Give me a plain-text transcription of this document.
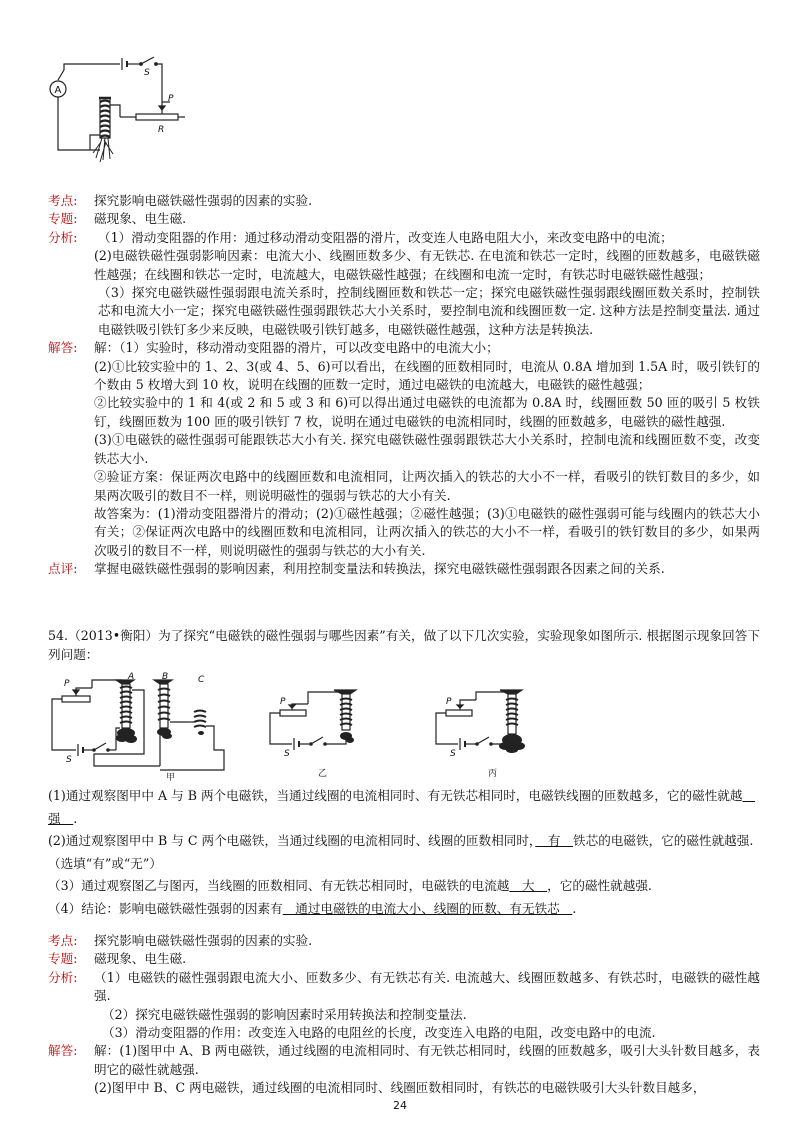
A
S
P
R
考点:	探究影响电磁铁磁性强弱的因素的实验.

专题:	磁现象、电生磁.

分析:	（1）滑动变阻器的作用：通过移动滑动变阻器的滑片，改变连人电路电阻大小，来改变电路中的电流；

(2)电磁铁磁性强弱影响因素：电流大小、线圈匝数多少、有无铁芯. 在电流和铁芯一定时，线圈的匝数越多，电磁铁磁性越强；在线圈和铁芯一定时，电流越大，电磁铁磁性越强；在线圈和电流一定时，有铁芯时电磁铁磁性越强；

（3）探究电磁铁磁性强弱跟电流关系时，控制线圈匝数和铁芯一定；探究电磁铁磁性强弱跟线圈匝数关系时，控制铁芯和电流大小一定；探究电磁铁磁性强弱跟铁芯大小关系时，要控制电流和线圈匝数一定. 这种方法是控制变量法. 通过电磁铁吸引铁钉多少来反映，电磁铁吸引铁钉越多，电磁铁磁性越强，这种方法是转换法.

解答:	解：（1）实验时，移动滑动变阻器的滑片，可以改变电路中的电流大小；

(2)①比较实验中的 1、2、3(或 4、5、6)可以看出，在线圈的匝数相同时，电流从 0.8A 增加到 1.5A 时，吸引铁钉的个数由 5 枚增大到 10 枚，说明在线圈的匝数一定时，通过电磁铁的电流越大，电磁铁的磁性越强；

②比较实验中的 1 和 4(或 2 和 5 或 3 和 6)可以得出通过电磁铁的电流都为 0.8A 时，线圈匝数 50 匝的吸引 5 枚铁钉，线圈匝数为 100 匝的吸引铁钉 7 枚，说明在通过电磁铁的电流相同时，线圈的匝数越多，电磁铁的磁性越强.

(3)①电磁铁的磁性强弱可能跟铁芯大小有关. 探究电磁铁磁性强弱跟铁芯大小关系时，控制电流和线圈匝数不变，改变铁芯大小.

②验证方案：保证两次电路中的线圈匝数和电流相同，让两次插入的铁芯的大小不一样，看吸引的铁钉数目的多少，如果两次吸引的数目不一样，则说明磁性的强弱与铁芯的大小有关.

故答案为：(1)滑动变阻器滑片的滑动；(2)①磁性越强；②磁性越强；(3)①电磁铁的磁性强弱可能与线圈内的铁芯大小有关；②保证两次电路中的线圈匝数和电流相同，让两次插入的铁芯的大小不一样，看吸引的铁钉数目的多少，如果两次吸引的数目不一样，则说明磁性的强弱与铁芯的大小有关.

点评:	掌握电磁铁磁性强弱的影响因素，利用控制变量法和转换法，探究电磁铁磁性强弱跟各因素之间的关系.

54.（2013•衡阳）为了探究“电磁铁的磁性强弱与哪些因素”有关，做了以下几次实验，实验现象如图所示. 根据图示现象回答下列问题：
A	B	C
P
S
P
S
P
S
甲	乙	丙

(1)通过观察图甲中 A 与 B 两个电磁铁，当通过线圈的电流相同时、有无铁芯相同时，电磁铁线圈的匝数越多，它的磁性就越　强　.

(2)通过观察图甲中 B 与 C 两个电磁铁，当通过线圈的电流相同时、线圈的匝数相同时，　有　铁芯的电磁铁，它的磁性就越强.（选填“有”或“无”）

（3）通过观察图乙与图丙，当线圈的匝数相同、有无铁芯相同时，电磁铁的电流越　大　，它的磁性就越强.

（4）结论：影响电磁铁磁性强弱的因素有　通过电磁铁的电流大小、线圈的匝数、有无铁芯　.

考点:	探究影响电磁铁磁性强弱的因素的实验.

专题:	磁现象、电生磁.

分析:	（1）电磁铁的磁性强弱跟电流大小、匝数多少、有无铁芯有关. 电流越大、线圈匝数越多、有铁芯时，电磁铁的磁性越强.

（2）探究电磁铁磁性强弱的影响因素时采用转换法和控制变量法.

（3）滑动变阻器的作用：改变连入电路的电阻丝的长度，改变连入电路的电阻，改变电路中的电流.

解答:	解：(1)图甲中 A、B 两电磁铁，通过线圈的电流相同时、有无铁芯相同时，线圈的匝数越多，吸引大头针数目越多，表明它的磁性就越强.

(2)图甲中 B、C 两电磁铁，通过线圈的电流相同时、线圈匝数相同时，有铁芯的电磁铁吸引大头针数目越多，

24
